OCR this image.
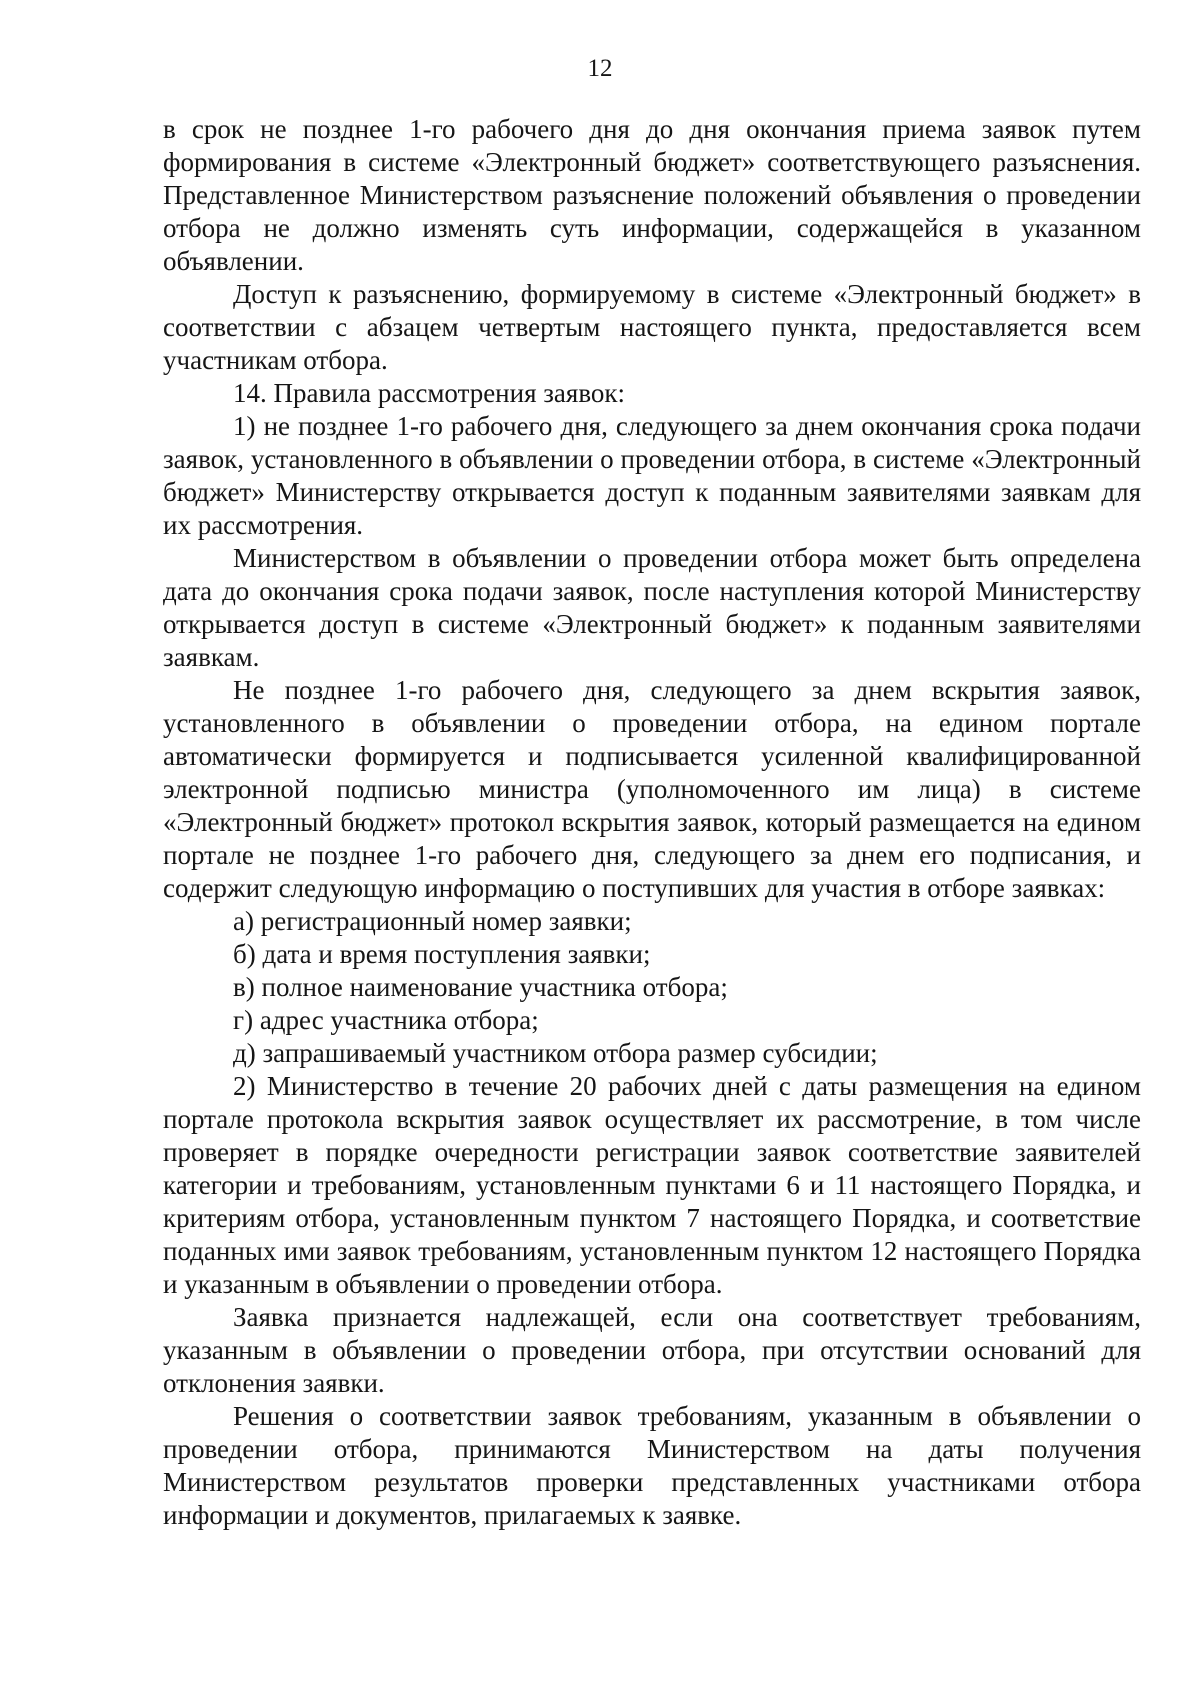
12

в срок не позднее 1-го рабочего дня до дня окончания приема заявок путем формирования в системе «Электронный бюджет» соответствующего разъяснения. Представленное Министерством разъяснение положений объявления о проведении отбора не должно изменять суть информации, содержащейся в указанном объявлении.

Доступ к разъяснению, формируемому в системе «Электронный бюджет» в соответствии с абзацем четвертым настоящего пункта, предоставляется всем участникам отбора.

14. Правила рассмотрения заявок:

1) не позднее 1-го рабочего дня, следующего за днем окончания срока подачи заявок, установленного в объявлении о проведении отбора, в системе «Электронный бюджет» Министерству открывается доступ к поданным заявителями заявкам для их рассмотрения.

Министерством в объявлении о проведении отбора может быть определена дата до окончания срока подачи заявок, после наступления которой Министерству открывается доступ в системе «Электронный бюджет» к поданным заявителями заявкам.

Не позднее 1-го рабочего дня, следующего за днем вскрытия заявок, установленного в объявлении о проведении отбора, на едином портале автоматически формируется и подписывается усиленной квалифицированной электронной подписью министра (уполномоченного им лица) в системе «Электронный бюджет» протокол вскрытия заявок, который размещается на едином портале не позднее 1-го рабочего дня, следующего за днем его подписания, и содержит следующую информацию о поступивших для участия в отборе заявках:

а) регистрационный номер заявки;

б) дата и время поступления заявки;

в) полное наименование участника отбора;

г) адрес участника отбора;

д) запрашиваемый участником отбора размер субсидии;

2) Министерство в течение 20 рабочих дней с даты размещения на едином портале протокола вскрытия заявок осуществляет их рассмотрение, в том числе проверяет в порядке очередности регистрации заявок соответствие заявителей категории и требованиям, установленным пунктами 6 и 11 настоящего Порядка, и критериям отбора, установленным пунктом 7 настоящего Порядка, и соответствие поданных ими заявок требованиям, установленным пунктом 12 настоящего Порядка и указанным в объявлении о проведении отбора.

Заявка признается надлежащей, если она соответствует требованиям, указанным в объявлении о проведении отбора, при отсутствии оснований для отклонения заявки.

Решения о соответствии заявок требованиям, указанным в объявлении о проведении отбора, принимаются Министерством на даты получения Министерством результатов проверки представленных участниками отбора информации и документов, прилагаемых к заявке.
